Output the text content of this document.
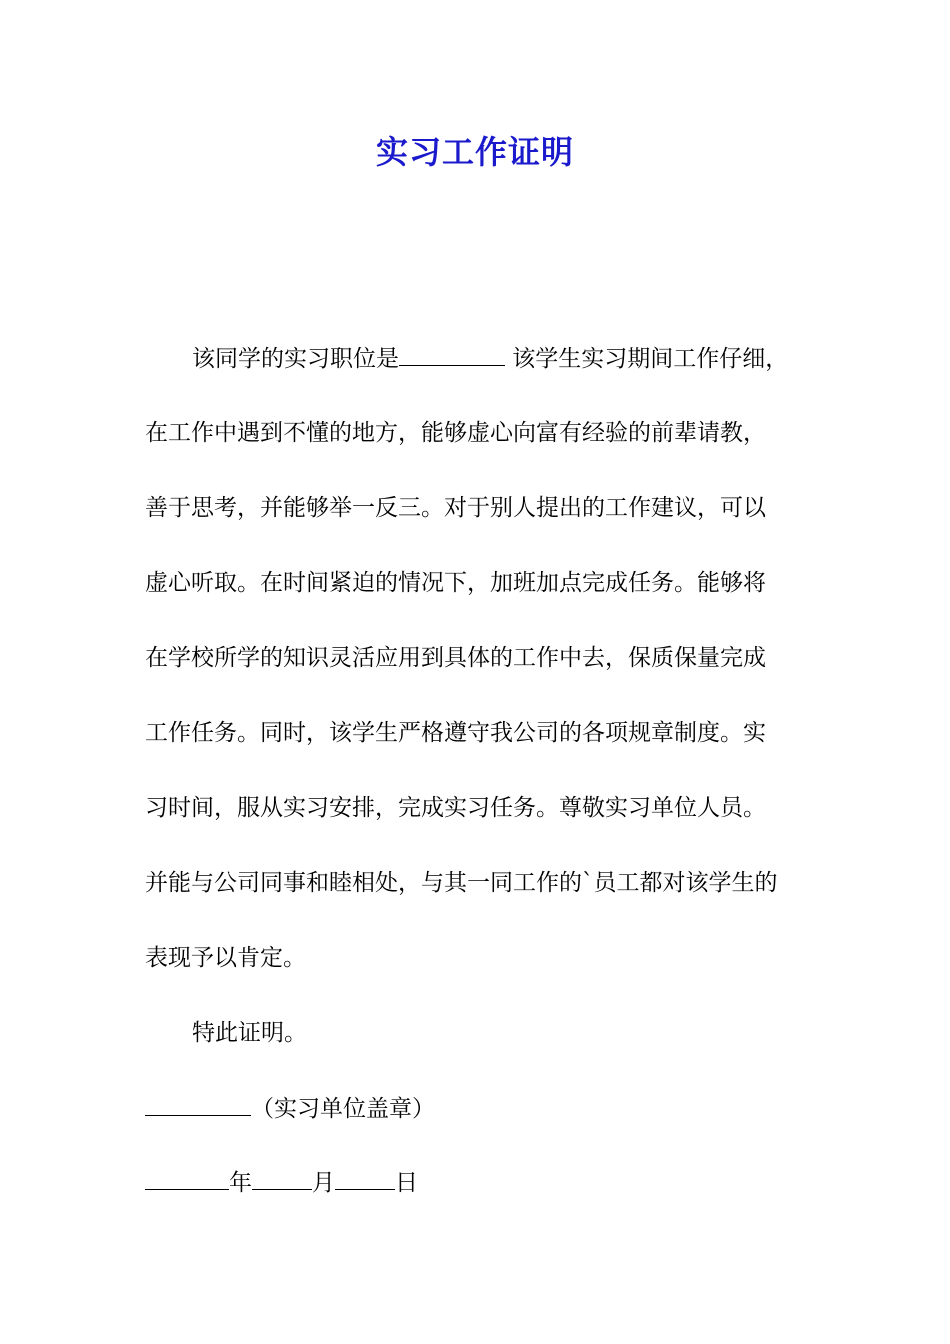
实习工作证明
该同学的实习职位是	该学生实习期间工作仔细，
在工作中遇到不懂的地方，能够虚心向富有经验的前辈请教，
善于思考，并能够举一反三。对于别人提出的工作建议，可以
虚心听取。在时间紧迫的情况下，加班加点完成任务。能够将
在学校所学的知识灵活应用到具体的工作中去，保质保量完成
工作任务。同时，该学生严格遵守我公司的各项规章制度。实
习时间，服从实习安排，完成实习任务。尊敬实习单位人员。
并能与公司同事和睦相处，与其一同工作的`员工都对该学生的
表现予以肯定。
特此证明。
（实习单位盖章）
年	月	日
